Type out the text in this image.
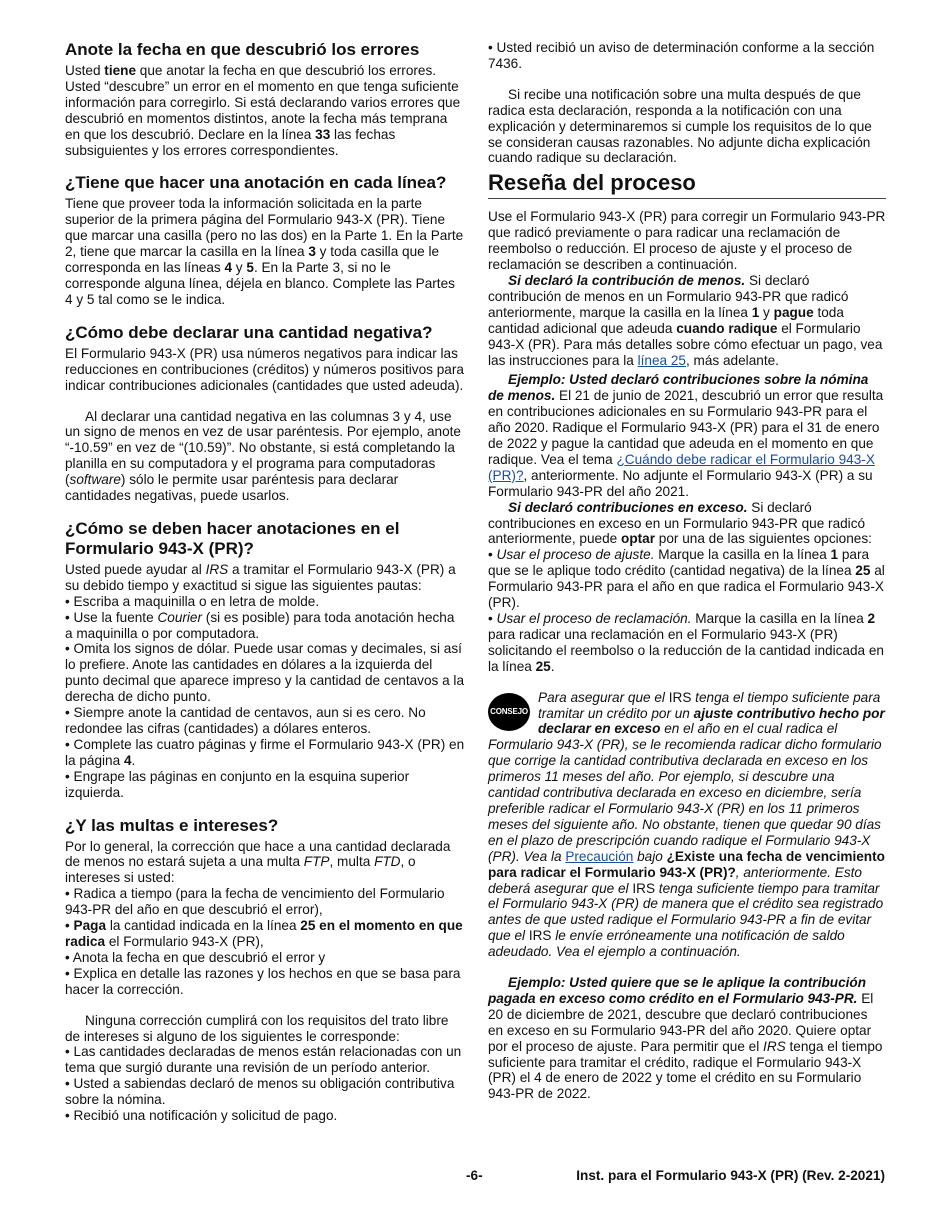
Anote la fecha en que descubrió los errores

Usted tiene que anotar la fecha en que descubrió los errores. Usted “descubre” un error en el momento en que tenga suficiente información para corregirlo. Si está declarando varios errores que descubrió en momentos distintos, anote la fecha más temprana en que los descubrió. Declare en la línea 33 las fechas subsiguientes y los errores correspondientes.

¿Tiene que hacer una anotación en cada línea?

Tiene que proveer toda la información solicitada en la parte superior de la primera página del Formulario 943-X (PR). Tiene que marcar una casilla (pero no las dos) en la Parte 1. En la Parte 2, tiene que marcar la casilla en la línea 3 y toda casilla que le corresponda en las líneas 4 y 5. En la Parte 3, si no le corresponde alguna línea, déjela en blanco. Complete las Partes 4 y 5 tal como se le indica.

¿Cómo debe declarar una cantidad negativa?

El Formulario 943-X (PR) usa números negativos para indicar las reducciones en contribuciones (créditos) y números positivos para indicar contribuciones adicionales (cantidades que usted adeuda).

Al declarar una cantidad negativa en las columnas 3 y 4, use un signo de menos en vez de usar paréntesis. Por ejemplo, anote “-10.59” en vez de “(10.59)”. No obstante, si está completando la planilla en su computadora y el programa para computadoras (software) sólo le permite usar paréntesis para declarar cantidades negativas, puede usarlos.

¿Cómo se deben hacer anotaciones en el Formulario 943-X (PR)?

Usted puede ayudar al IRS a tramitar el Formulario 943-X (PR) a su debido tiempo y exactitud si sigue las siguientes pautas:

• Escriba a maquinilla o en letra de molde.

• Use la fuente Courier (si es posible) para toda anotación hecha a maquinilla o por computadora.

• Omita los signos de dólar. Puede usar comas y decimales, si así lo prefiere. Anote las cantidades en dólares a la izquierda del punto decimal que aparece impreso y la cantidad de centavos a la derecha de dicho punto.

• Siempre anote la cantidad de centavos, aun si es cero. No redondee las cifras (cantidades) a dólares enteros.

• Complete las cuatro páginas y firme el Formulario 943-X (PR) en la página 4.

• Engrape las páginas en conjunto en la esquina superior izquierda.

¿Y las multas e intereses?

Por lo general, la corrección que hace a una cantidad declarada de menos no estará sujeta a una multa FTP, multa FTD, o intereses si usted:

• Radica a tiempo (para la fecha de vencimiento del Formulario 943-PR del año en que descubrió el error),

• Paga la cantidad indicada en la línea 25 en el momento en que radica el Formulario 943-X (PR),

• Anota la fecha en que descubrió el error y

• Explica en detalle las razones y los hechos en que se basa para hacer la corrección.

Ninguna corrección cumplirá con los requisitos del trato libre de intereses si alguno de los siguientes le corresponde:

• Las cantidades declaradas de menos están relacionadas con un tema que surgió durante una revisión de un período anterior.

• Usted a sabiendas declaró de menos su obligación contributiva sobre la nómina.

• Recibió una notificación y solicitud de pago.

• Usted recibió un aviso de determinación conforme a la sección 7436.

Si recibe una notificación sobre una multa después de que radica esta declaración, responda a la notificación con una explicación y determinaremos si cumple los requisitos de lo que se consideran causas razonables. No adjunte dicha explicación cuando radique su declaración.

Reseña del proceso

Use el Formulario 943-X (PR) para corregir un Formulario 943-PR que radicó previamente o para radicar una reclamación de reembolso o reducción. El proceso de ajuste y el proceso de reclamación se describen a continuación.

Si declaró la contribución de menos. Si declaró contribución de menos en un Formulario 943-PR que radicó anteriormente, marque la casilla en la línea 1 y pague toda cantidad adicional que adeuda cuando radique el Formulario 943-X (PR). Para más detalles sobre cómo efectuar un pago, vea las instrucciones para la línea 25, más adelante.

Ejemplo: Usted declaró contribuciones sobre la nómina de menos. El 21 de junio de 2021, descubrió un error que resulta en contribuciones adicionales en su Formulario 943-PR para el año 2020. Radique el Formulario 943-X (PR) para el 31 de enero de 2022 y pague la cantidad que adeuda en el momento en que radique. Vea el tema ¿Cuándo debe radicar el Formulario 943-X (PR)?, anteriormente. No adjunte el Formulario 943-X (PR) a su Formulario 943-PR del año 2021.

Si declaró contribuciones en exceso. Si declaró contribuciones en exceso en un Formulario 943-PR que radicó anteriormente, puede optar por una de las siguientes opciones:

• Usar el proceso de ajuste. Marque la casilla en la línea 1 para que se le aplique todo crédito (cantidad negativa) de la línea 25 al Formulario 943-PR para el año en que radica el Formulario 943-X (PR).

• Usar el proceso de reclamación. Marque la casilla en la línea 2 para radicar una reclamación en el Formulario 943-X (PR) solicitando el reembolso o la reducción de la cantidad indicada en la línea 25.

CONSEJO
Para asegurar que el IRS tenga el tiempo suficiente para tramitar un crédito por un ajuste contributivo hecho por declarar en exceso en el año en el cual radica el Formulario 943-X (PR), se le recomienda radicar dicho formulario que corrige la cantidad contributiva declarada en exceso en los primeros 11 meses del año. Por ejemplo, si descubre una cantidad contributiva declarada en exceso en diciembre, sería preferible radicar el Formulario 943-X (PR) en los 11 primeros meses del siguiente año. No obstante, tienen que quedar 90 días en el plazo de prescripción cuando radique el Formulario 943-X (PR). Vea la Precaución bajo ¿Existe una fecha de vencimiento para radicar el Formulario 943-X (PR)?, anteriormente. Esto deberá asegurar que el IRS tenga suficiente tiempo para tramitar el Formulario 943-X (PR) de manera que el crédito sea registrado antes de que usted radique el Formulario 943-PR a fin de evitar que el IRS le envíe erróneamente una notificación de saldo adeudado. Vea el ejemplo a continuación.

Ejemplo: Usted quiere que se le aplique la contribución pagada en exceso como crédito en el Formulario 943-PR. El 20 de diciembre de 2021, descubre que declaró contribuciones en exceso en su Formulario 943-PR del año 2020. Quiere optar por el proceso de ajuste. Para permitir que el IRS tenga el tiempo suficiente para tramitar el crédito, radique el Formulario 943-X (PR) el 4 de enero de 2022 y tome el crédito en su Formulario 943-PR de 2022.

-6-	Inst. para el Formulario 943-X (PR) (Rev. 2-2021)
